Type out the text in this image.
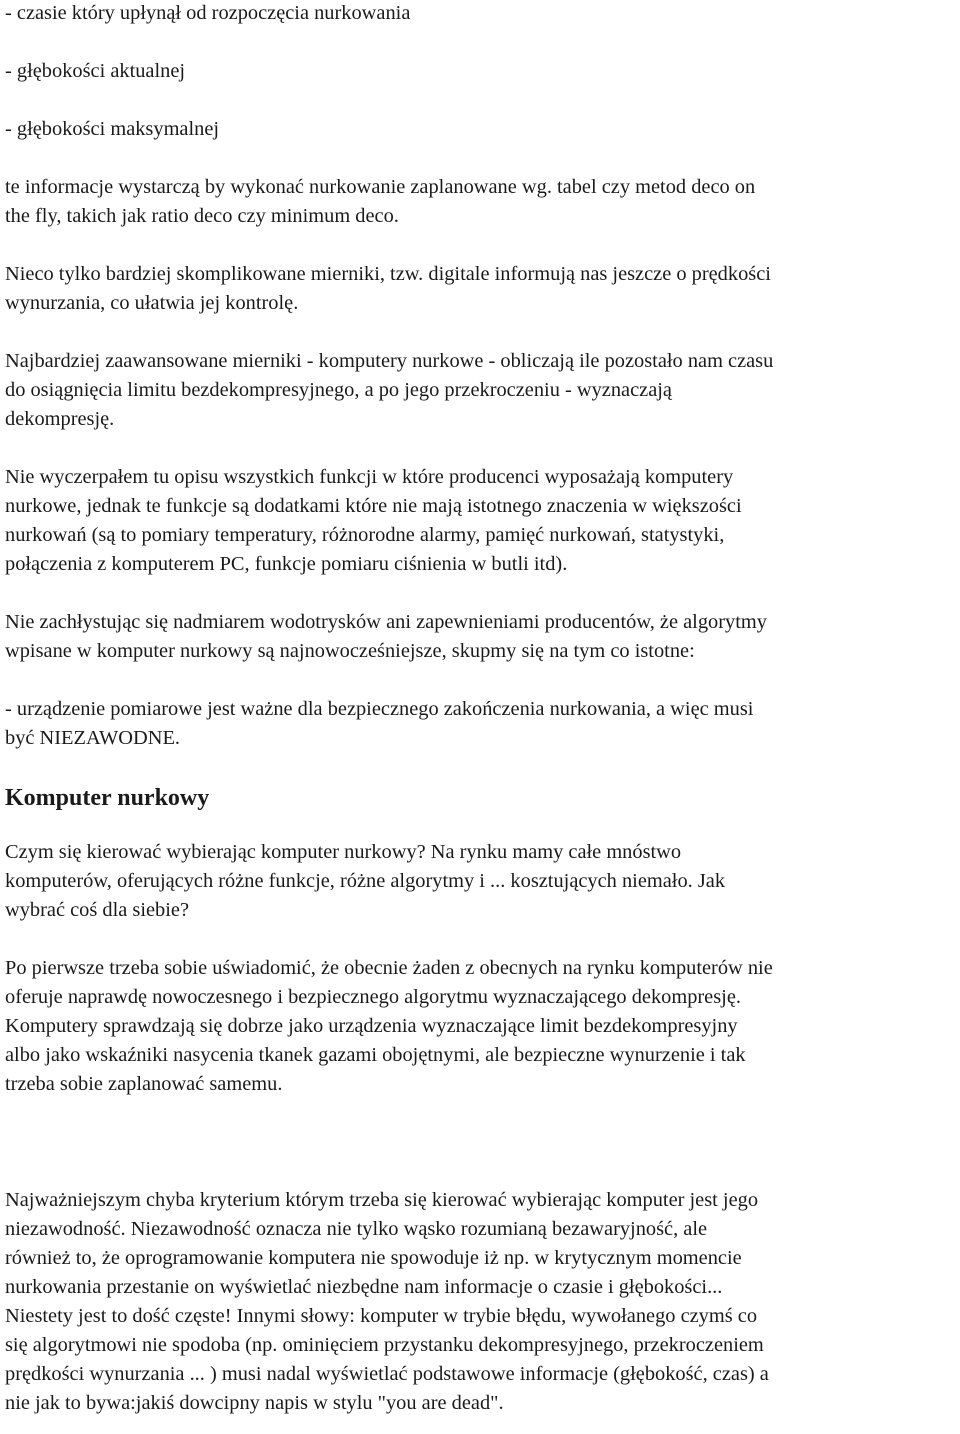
- czasie który upłynął od rozpoczęcia nurkowania

- głębokości aktualnej

- głębokości maksymalnej

te informacje wystarczą by wykonać nurkowanie zaplanowane wg. tabel czy metod deco on

the fly, takich jak ratio deco czy minimum deco.

Nieco tylko bardziej skomplikowane mierniki, tzw. digitale informują nas jeszcze o prędkości

wynurzania, co ułatwia jej kontrolę.

Najbardziej zaawansowane mierniki - komputery nurkowe - obliczają ile pozostało nam czasu

do osiągnięcia limitu bezdekompresyjnego, a po jego przekroczeniu - wyznaczają

dekompresję.

Nie wyczerpałem tu opisu wszystkich funkcji w które producenci wyposażają komputery

nurkowe, jednak te funkcje są dodatkami które nie mają istotnego znaczenia w większości

nurkowań (są to pomiary temperatury, różnorodne alarmy, pamięć nurkowań, statystyki,

połączenia z komputerem PC, funkcje pomiaru ciśnienia w butli itd).

Nie zachłystując się nadmiarem wodotrysków ani zapewnieniami producentów, że algorytmy

wpisane w komputer nurkowy są najnowocześniejsze, skupmy się na tym co istotne:

- urządzenie pomiarowe jest ważne dla bezpiecznego zakończenia nurkowania, a więc musi

być NIEZAWODNE.

Komputer nurkowy

Czym się kierować wybierając komputer nurkowy? Na rynku mamy całe mnóstwo

komputerów, oferujących różne funkcje, różne algorytmy i ... kosztujących niemało. Jak

wybrać coś dla siebie?

Po pierwsze trzeba sobie uświadomić, że obecnie żaden z obecnych na rynku komputerów nie

oferuje naprawdę nowoczesnego i bezpiecznego algorytmu wyznaczającego dekompresję.

Komputery sprawdzają się dobrze jako urządzenia wyznaczające limit bezdekompresyjny

albo jako wskaźniki nasycenia tkanek gazami obojętnymi, ale bezpieczne wynurzenie i tak

trzeba sobie zaplanować samemu.

Najważniejszym chyba kryterium którym trzeba się kierować wybierając komputer jest jego

niezawodność. Niezawodność oznacza nie tylko wąsko rozumianą bezawaryjność, ale

również to, że oprogramowanie komputera nie spowoduje iż np. w krytycznym momencie

nurkowania przestanie on wyświetlać niezbędne nam informacje o czasie i głębokości...

Niestety jest to dość częste! Innymi słowy: komputer w trybie błędu, wywołanego czymś co

się algorytmowi nie spodoba (np. ominięciem przystanku dekompresyjnego, przekroczeniem

prędkości wynurzania ... ) musi nadal wyświetlać podstawowe informacje (głębokość, czas) a

nie jak to bywa:jakiś dowcipny napis w stylu "you are dead".
